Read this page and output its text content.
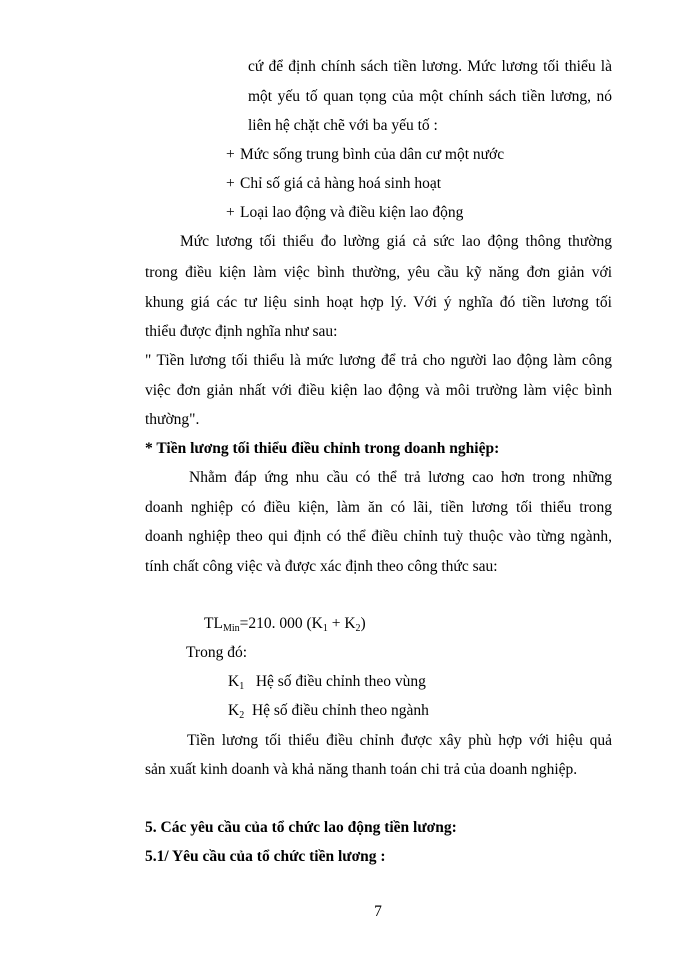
cứ để định chính sách tiền lương. Mức lương tối thiểu là
một yếu tố quan tọng của một chính sách tiền lương, nó
liên hệ chặt chẽ với ba yếu tố :
+ Mức sống trung bình của dân cư một nước
+ Chỉ số giá cả hàng hoá sinh hoạt
+ Loại lao động và điều kiện lao động
Mức lương tối thiểu đo lường giá cả sức lao động thông thường
trong điều kiện làm việc bình thường, yêu cầu kỹ năng đơn giản với
khung giá các tư liệu sinh hoạt hợp lý. Với ý nghĩa đó tiền lương tối
thiểu được định nghĩa như sau:
" Tiền lương tối thiểu là mức lương để trả cho người lao động làm công
việc đơn giản nhất với điều kiện lao động và môi trường làm việc bình
thường".
* Tiền lương tối thiểu điều chỉnh trong doanh nghiệp:
Nhằm đáp ứng nhu cầu có thể trả lương cao hơn trong những
doanh nghiệp có điều kiện, làm ăn có lãi, tiền lương tối thiểu trong
doanh nghiệp theo qui định có thể điều chỉnh tuỳ thuộc vào từng ngành,
tính chất công việc và được xác định theo công thức sau:
$TL_{Min}=210$. 000 $(K_1 + K_2)$
Trong đó:
$K_1$ Hệ số điều chỉnh theo vùng
$K_2$ Hệ số điều chỉnh theo ngành
Tiền lương tối thiểu điều chỉnh được xây phù hợp với hiệu quả
sản xuất kinh doanh và khả năng thanh toán chi trả của doanh nghiệp.
5. Các yêu cầu của tổ chức lao động tiền lương:
5.1/ Yêu cầu của tổ chức tiền lương :
7
